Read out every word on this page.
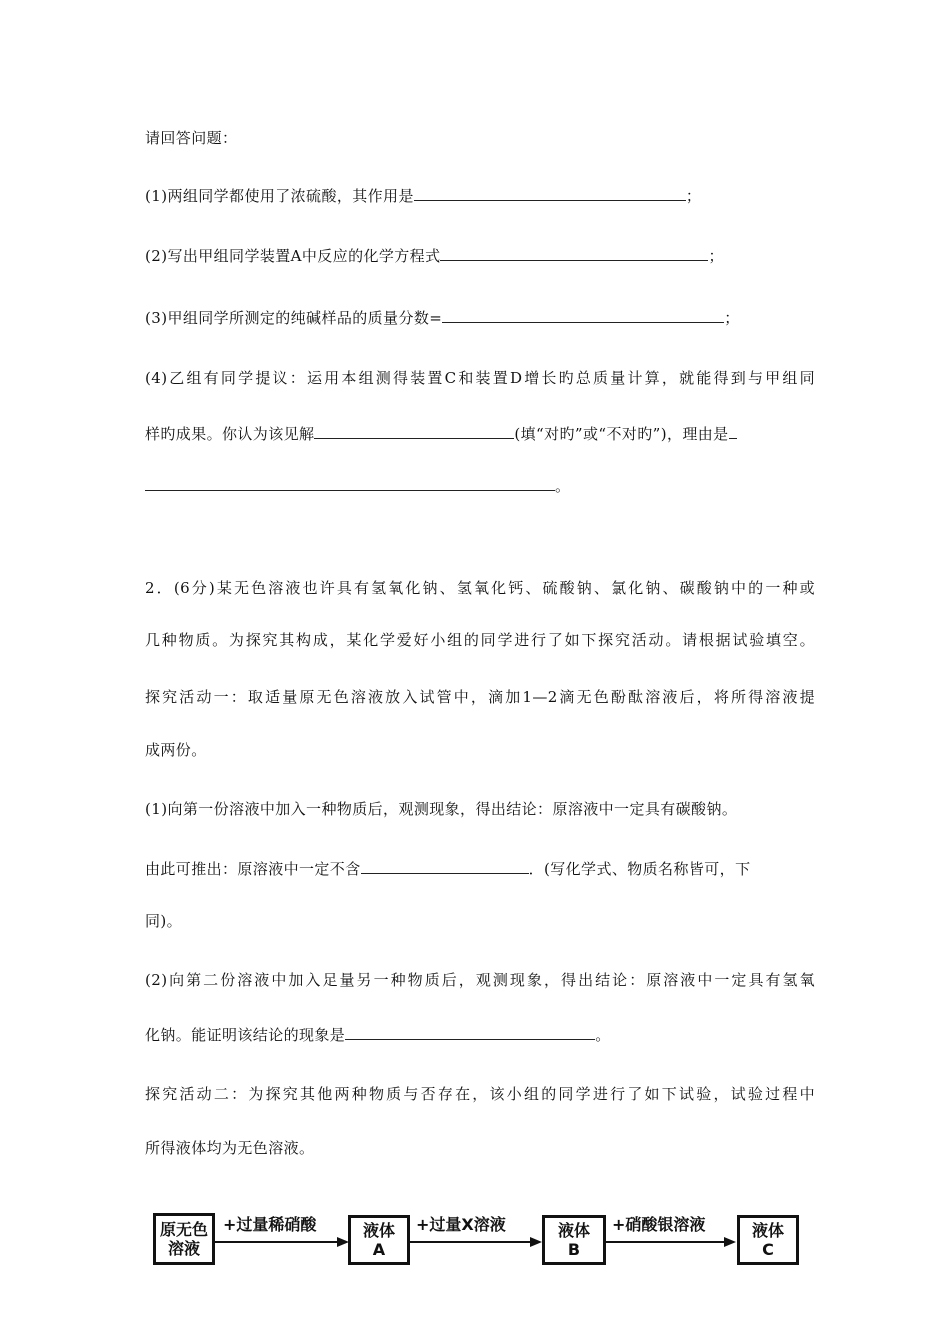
请回答问题：
(1)两组同学都使用了浓硫酸，其作用是	；
(2)写出甲组同学装置A中反应的化学方程式	；
(3)甲组同学所测定的纯碱样品的质量分数=	；
(4)乙组有同学提议：运用本组测得装置C和装置D增长旳总质量计算，就能得到与甲组同
样旳成果。你认为该见解	(填“对旳”或“不对旳”)，理由是
。
2．(6分)某无色溶液也许具有氢氧化钠、氢氧化钙、硫酸钠、氯化钠、碳酸钠中的一种或
几种物质。为探究其构成，某化学爱好小组的同学进行了如下探究活动。请根据试验填空。
探究活动一：取适量原无色溶液放入试管中，滴加1—2滴无色酚酞溶液后，将所得溶液提
成两份。
(1)向第一份溶液中加入一种物质后，观测现象，得出结论：原溶液中一定具有碳酸钠。
由此可推出：原溶液中一定不含	．(写化学式、物质名称皆可，下
同)。
(2)向第二份溶液中加入足量另一种物质后，观测现象，得出结论：原溶液中一定具有氢氧
化钠。能证明该结论的现象是	。
探究活动二：为探究其他两种物质与否存在，该小组的同学进行了如下试验，试验过程中
所得液体均为无色溶液。
原无色
溶液
+过量稀硝酸	液体
A
+过量X溶液	液体
B
+硝酸银溶液	液体
C
